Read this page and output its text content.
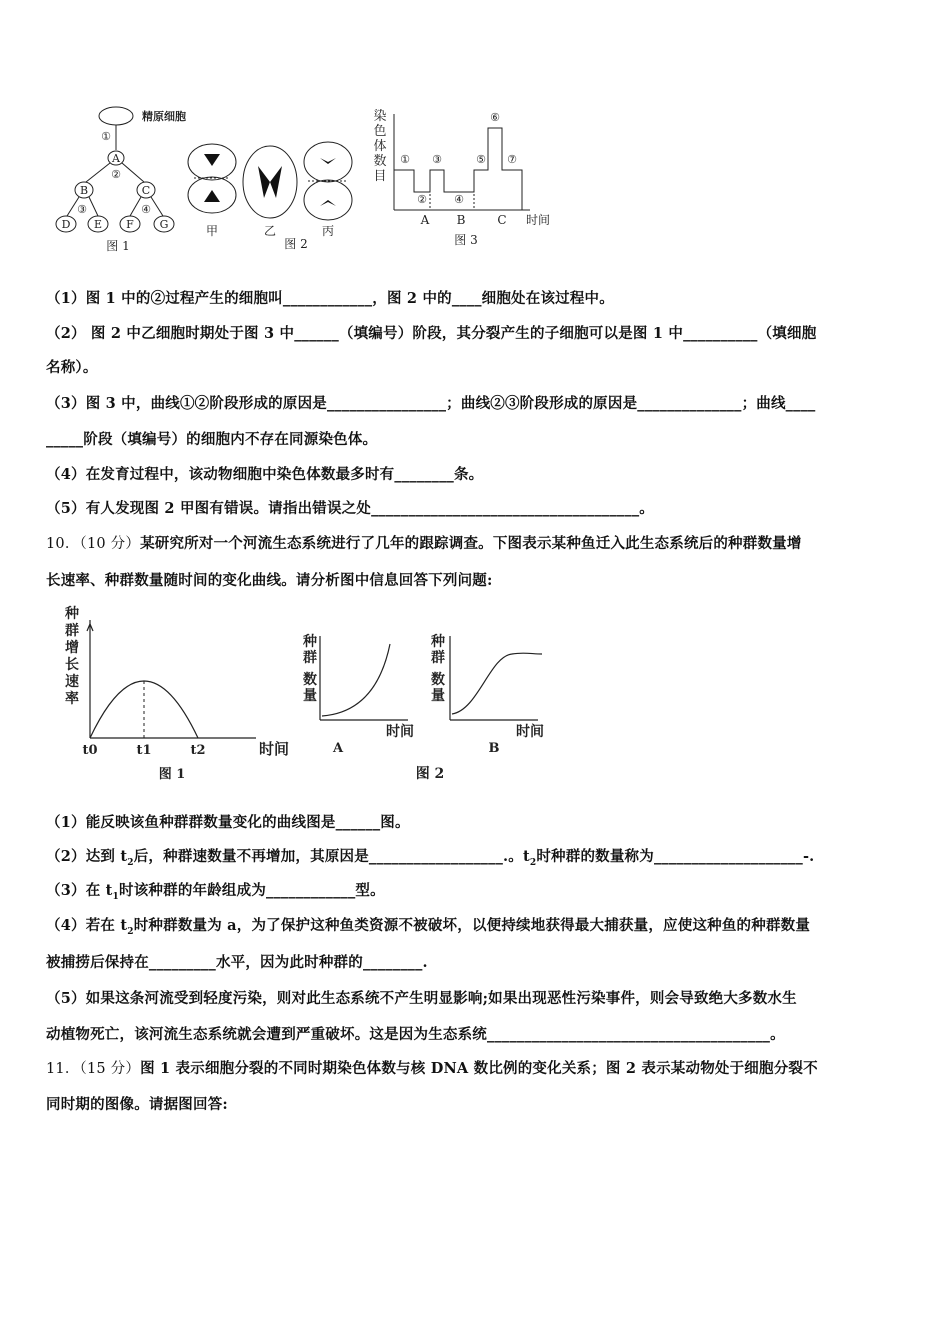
精原细胞
①
A
②
B	C
③	④
D E F G
图 1
甲	乙	丙
图 2
染
色
体
数
目
①
②
③
④
⑤
⑥
⑦
A B	C 时间
图 3
（1）图 1 中的②过程产生的细胞叫____________，图 2 中的____细胞处在该过程中。
（2） 图 2 中乙细胞时期处于图 3 中______（填编号）阶段，其分裂产生的子细胞可以是图 1 中__________（填细胞
名称）。
（3）图 3 中，曲线①②阶段形成的原因是________________；曲线②③阶段形成的原因是______________；曲线____
_____阶段（填编号）的细胞内不存在同源染色体。
（4）在发育过程中，该动物细胞中染色体数最多时有________条。
（5）有人发现图 2 甲图有错误。请指出错误之处____________________________________。
10．（10 分）某研究所对一个河流生态系统进行了几年的跟踪调查。下图表示某种鱼迁入此生态系统后的种群数量增
长速率、种群数量随时间的变化曲线。请分析图中信息回答下列问题:
种
群
增
长
速
率
t0	t1	t2	时间
图 1
种
群
数
量
种
群
数
量
时间	时间
A	B
图 2
（1）能反映该鱼种群群数量变化的曲线图是______图。
（2）达到 $t_2$后，种群速数量不再增加，其原因是__________________.。$t_2$时种群的数量称为____________________-.
（3）在 $t_1$时该种群的年龄组成为____________型。
（4）若在 $t_2$时种群数量为 a，为了保护这种鱼类资源不被破坏，以便持续地获得最大捕获量，应使这种鱼的种群数量
被捕捞后保持在_________水平，因为此时种群的________.
（5）如果这条河流受到轻度污染，则对此生态系统不产生明显影响;如果出现恶性污染事件，则会导致绝大多数水生
动植物死亡，该河流生态系统就会遭到严重破坏。这是因为生态系统______________________________________。
11．（15 分）图 1 表示细胞分裂的不同时期染色体数与核 DNA 数比例的变化关系；图 2 表示某动物处于细胞分裂不
同时期的图像。请据图回答:
